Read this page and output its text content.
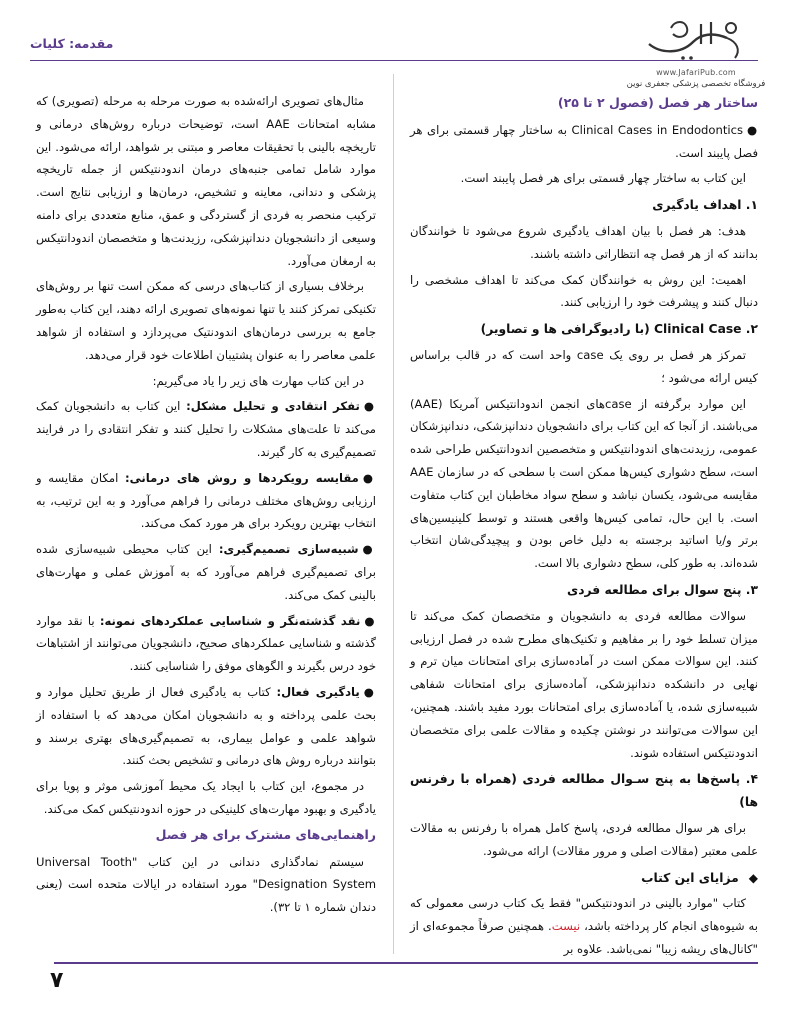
www.JafariPub.com
فروشگاه تخصصی پزشکی جعفری نوین
مقدمه: کلیات
ساختار هر فصل (فصول ۲ تا ۲۵)

●Clinical Cases in Endodontics به ساختار چهار قسمتی برای هر فصل پایبند است.

این کتاب به ساختار چهار قسمتی برای هر فصل پایبند است.

۱. اهداف یادگیری

هدف: هر فصل با بیان اهداف یادگیری شروع می‌شود تا خوانندگان بدانند که از هر فصل چه انتظاراتی داشته باشند.

اهمیت: این روش به خوانندگان کمک می‌کند تا اهداف مشخصی را دنبال کنند و پیشرفت خود را ارزیابی کنند.

۲. Clinical Case (با رادیوگرافی ها و تصاویر)

تمرکز هر فصل بر روی یک case واحد است که در قالب براساس کیس ارائه می‌شود ؛

این موارد برگرفته از caseهای انجمن اندودانتیکس آمریکا (AAE) می‌باشند. از آنجا که این کتاب برای دانشجویان دندانپزشکی، دندانپزشکان عمومی، رزیدنت‌های اندودانتیکس و متخصصین اندودانتیکس طراحی شده است، سطح دشواری کیس‌ها ممکن است با سطحی که در سازمان AAE مقایسه می‌شود، یکسان نباشد و سطح سواد مخاطبان این کتاب متفاوت است. با این حال، تمامی کیس‌ها واقعی هستند و توسط کلینیسین‌های برتر و/یا اساتید برجسته به دلیل خاص بودن و پیچیدگی‌شان انتخاب شده‌اند. به طور کلی، سطح دشواری بالا است.

۳. پنج سوال برای مطالعه فردی

سوالات مطالعه فردی به دانشجویان و متخصصان کمک می‌کند تا میزان تسلط خود را بر مفاهیم و تکنیک‌های مطرح شده در فصل ارزیابی کنند. این سوالات ممکن است در آماده‌سازی برای امتحانات میان ترم و نهایی در دانشکده دندانپزشکی، آماده‌سازی برای امتحانات شفاهی شبیه‌سازی شده، یا آماده‌سازی برای امتحانات بورد مفید باشند. همچنین، این سوالات می‌توانند در نوشتن چکیده و مقالات علمی برای متخصصان اندودنتیکس استفاده شوند.

۴. پاسخ‌ها به پنج سـوال مطالعه فردی (همراه با رفرنس ها)

برای هر سوال مطالعه فردی، پاسخ کامل همراه با رفرنس به مقالات علمی معتبر (مقالات اصلی و مرور مقالات) ارائه می‌شود.

◆مزایای این کتاب

کتاب "موارد بالینی در اندودنتیکس" فقط یک کتاب درسی معمولی که به شیوه‌های انجام کار پرداخته باشد، نیست. همچنین صرفاً مجموعه‌ای از "کانال‌های ریشه زیبا" نمی‌باشد. علاوه بر

مثال‌های تصویری ارائه‌شده به صورت مرحله به مرحله (تصویری) که مشابه امتحانات AAE است، توضیحات درباره روش‌های درمانی و تاریخچه بالینی با تحقیقات معاصر و مبتنی بر شواهد، ارائه می‌شود. این موارد شامل تمامی جنبه‌های درمان اندودنتیکس از جمله تاریخچه پزشکی و دندانی، معاینه و تشخیص، درمان‌ها و ارزیابی نتایج است. ترکیب منحصر به فردی از گستردگی و عمق، منابع متعددی برای دامنه وسیعی از دانشجویان دندانپزشکی، رزیدنت‌ها و متخصصان اندودانتیکس به ارمغان می‌آورد.

برخلاف بسیاری از کتاب‌های درسی که ممکن است تنها بر روش‌های تکنیکی تمرکز کنند یا تنها نمونه‌های تصویری ارائه دهند، این کتاب به‌طور جامع به بررسی درمان‌های اندودنتیک می‌پردازد و استفاده از شواهد علمی معاصر را به عنوان پشتیبان اطلاعات خود قرار می‌دهد.

در این کتاب مهارت های زیر را یاد می‌گیریم:

●تفکر انتقادی و تحلیل مشکل: این کتاب به دانشجویان کمک می‌کند تا علت‌های مشکلات را تحلیل کنند و تفکر انتقادی را در فرایند تصمیم‌گیری به کار گیرند.

●مقایسه رویکردها و روش های درمانی: امکان مقایسه و ارزیابی روش‌های مختلف درمانی را فراهم می‌آورد و به این ترتیب، به انتخاب بهترین رویکرد برای هر مورد کمک می‌کند.

●شبیه‌سازی تصمیم‌گیری: این کتاب محیطی شبیه‌سازی شده برای تصمیم‌گیری فراهم می‌آورد که به آموزش عملی و مهارت‌های بالینی کمک می‌کند.

●نقد گذشته‌نگر و شناسایی عملکردهای نمونه: با نقد موارد گذشته و شناسایی عملکردهای صحیح، دانشجویان می‌توانند از اشتباهات خود درس بگیرند و الگوهای موفق را شناسایی کنند.

●یادگیری فعال: کتاب به یادگیری فعال از طریق تحلیل موارد و بحث علمی پرداخته و به دانشجویان امکان می‌دهد که با استفاده از شواهد علمی و عوامل بیماری، به تصمیم‌گیری‌های بهتری برسند و بتوانند درباره روش های درمانی و تشخیص بحث کنند.

در مجموع، این کتاب با ایجاد یک محیط آموزشی موثر و پویا برای یادگیری و بهبود مهارت‌های کلینیکی در حوزه اندودنتیکس کمک می‌کند.

راهنمایی‌های مشترک برای هر فصل

سیستم نمادگذاری دندانی در این کتاب "Universal Tooth Designation System" مورد استفاده در ایالات متحده است (یعنی دندان شماره ۱ تا ۳۲).

۷
